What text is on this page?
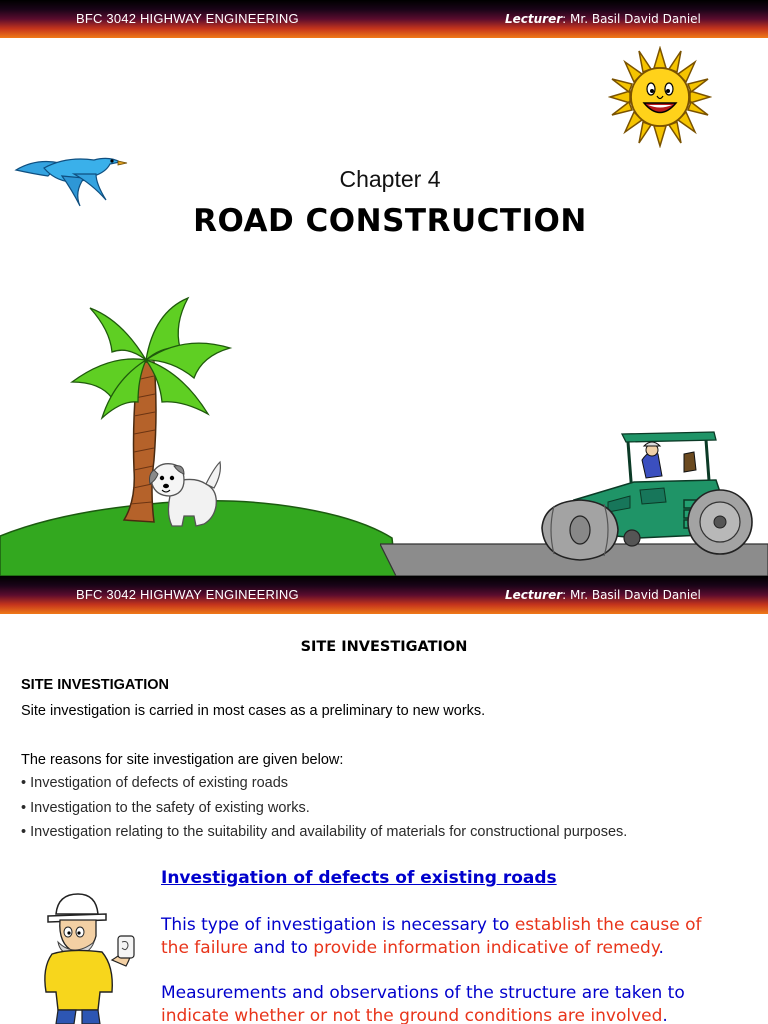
BFC 3042 HIGHWAY ENGINEERING	Lecturer: Mr. Basil David Daniel
Chapter 4
ROAD CONSTRUCTION
BFC 3042 HIGHWAY ENGINEERING	Lecturer: Mr. Basil David Daniel
SITE INVESTIGATION
SITE INVESTIGATION
Site investigation is carried in most cases as a preliminary to new works.
The reasons for site investigation are given below:
• Investigation of defects of existing roads
• Investigation to the safety of existing works.
• Investigation relating to the suitability and availability of materials for constructional purposes.
Investigation of defects of existing roads
This type of investigation is necessary to establish the cause of
the failure and to provide information indicative of remedy.
Measurements and observations of the structure are taken to
indicate whether or not the ground conditions are involved.
